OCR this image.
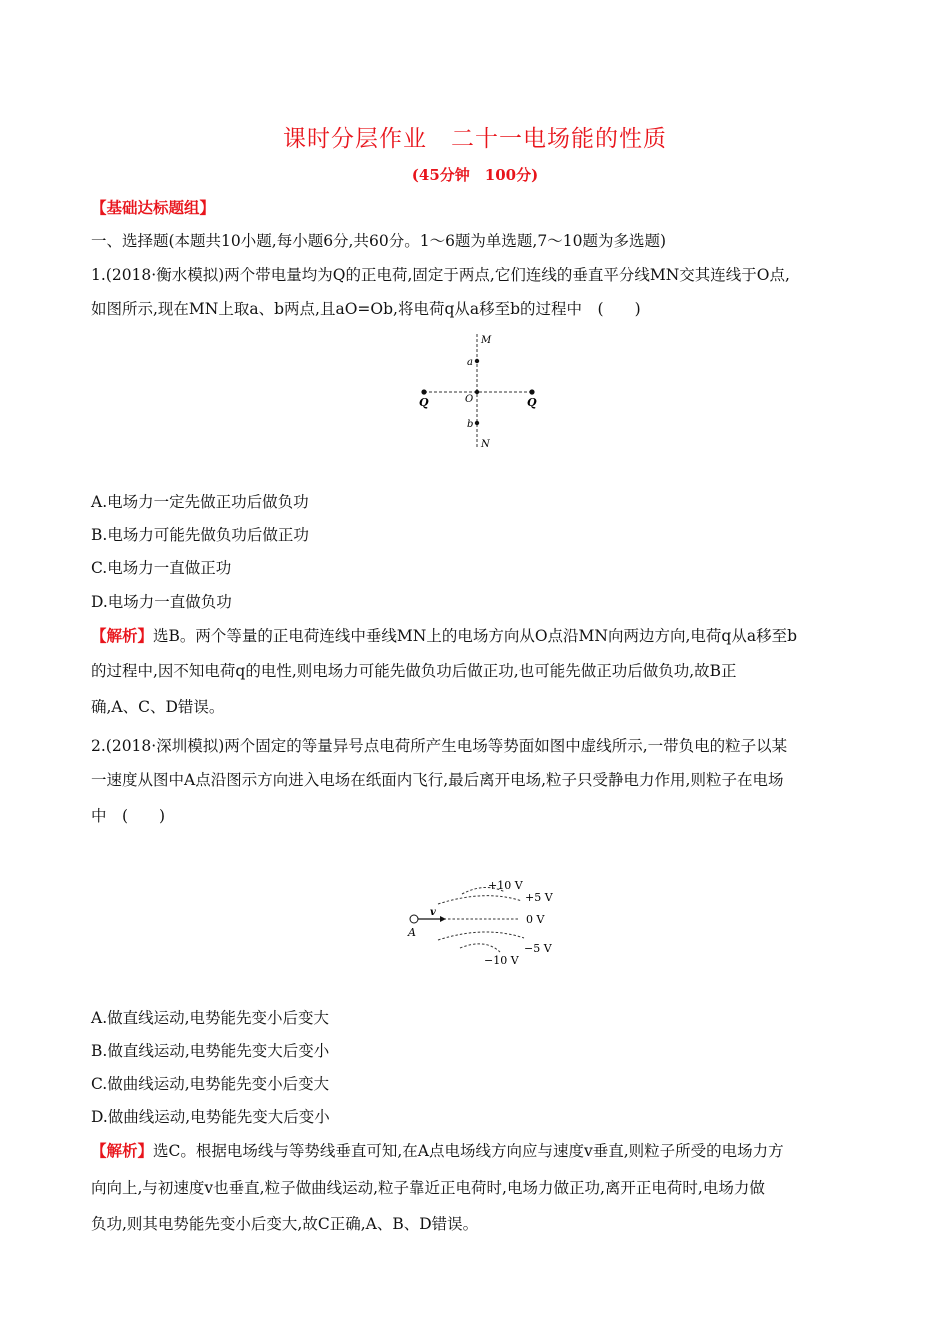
课时分层作业　二十一电场能的性质
(45分钟　100分)
【基础达标题组】
一、选择题(本题共10小题,每小题6分,共60分。1～6题为单选题,7～10题为多选题)
1.(2018·衡水模拟)两个带电量均为Q的正电荷,固定于两点,它们连线的垂直平分线MN交其连线于O点,
如图所示,现在MN上取a、b两点,且aO=Ob,将电荷q从a移至b的过程中　(　　)
M
a
O
b
N
Q	Q
A.电场力一定先做正功后做负功
B.电场力可能先做负功后做正功
C.电场力一直做正功
D.电场力一直做负功
【解析】选B。两个等量的正电荷连线中垂线MN上的电场方向从O点沿MN向两边方向,电荷q从a移至b
的过程中,因不知电荷q的电性,则电场力可能先做负功后做正功,也可能先做正功后做负功,故B正
确,A、C、D错误。
2.(2018·深圳模拟)两个固定的等量异号点电荷所产生电场等势面如图中虚线所示,一带负电的粒子以某
一速度从图中A点沿图示方向进入电场在纸面内飞行,最后离开电场,粒子只受静电力作用,则粒子在电场
中　(　　)
+10 V
+5 V
0 V
−5 V
−10 V
v
A
A.做直线运动,电势能先变小后变大
B.做直线运动,电势能先变大后变小
C.做曲线运动,电势能先变小后变大
D.做曲线运动,电势能先变大后变小
【解析】选C。根据电场线与等势线垂直可知,在A点电场线方向应与速度v垂直,则粒子所受的电场力方
向向上,与初速度v也垂直,粒子做曲线运动,粒子靠近正电荷时,电场力做正功,离开正电荷时,电场力做
负功,则其电势能先变小后变大,故C正确,A、B、D错误。
